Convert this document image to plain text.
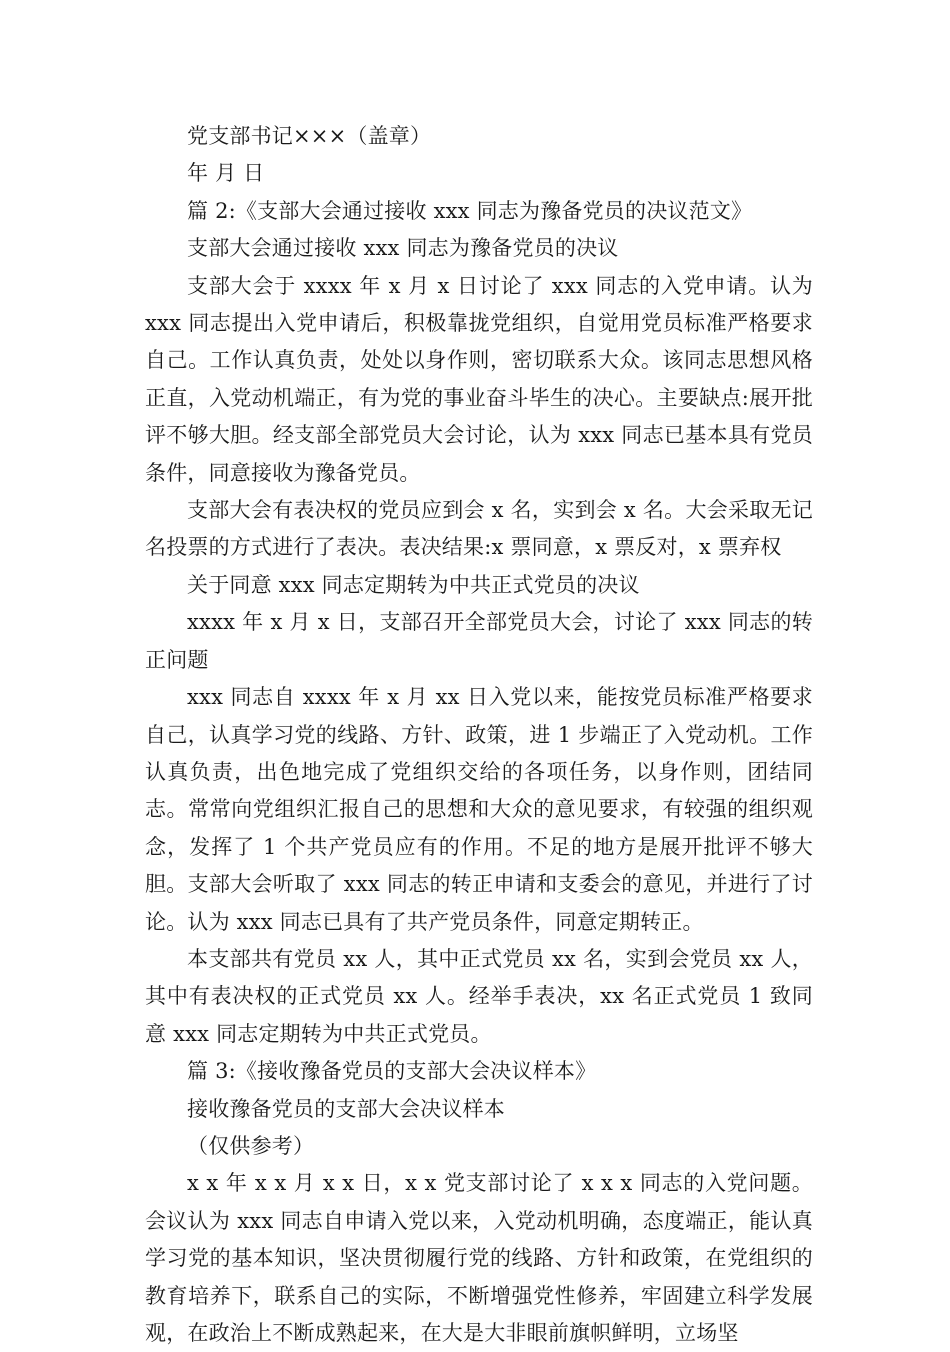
党支部书记×××（盖章）

年 月 日

篇 2:《支部大会通过接收 xxx 同志为豫备党员的决议范文》

支部大会通过接收 xxx 同志为豫备党员的决议

支部大会于 xxxx 年 x 月 x 日讨论了 xxx 同志的入党申请。认为 xxx 同志提出入党申请后，积极靠拢党组织，自觉用党员标准严格要求自己。工作认真负责，处处以身作则，密切联系大众。该同志思想风格正直，入党动机端正，有为党的事业奋斗毕生的决心。主要缺点:展开批评不够大胆。经支部全部党员大会讨论，认为 xxx 同志已基本具有党员条件，同意接收为豫备党员。

支部大会有表决权的党员应到会 x 名，实到会 x 名。大会采取无记名投票的方式进行了表决。表决结果:x 票同意，x 票反对，x 票弃权

关于同意 xxx 同志定期转为中共正式党员的决议

xxxx 年 x 月 x 日，支部召开全部党员大会，讨论了 xxx 同志的转正问题

xxx 同志自 xxxx 年 x 月 xx 日入党以来，能按党员标准严格要求自己，认真学习党的线路、方针、政策，进 1 步端正了入党动机。工作认真负责，出色地完成了党组织交给的各项任务，以身作则，团结同志。常常向党组织汇报自己的思想和大众的意见要求，有较强的组织观念，发挥了 1 个共产党员应有的作用。不足的地方是展开批评不够大胆。支部大会听取了 xxx 同志的转正申请和支委会的意见，并进行了讨论。认为 xxx 同志已具有了共产党员条件，同意定期转正。

本支部共有党员 xx 人，其中正式党员 xx 名，实到会党员 xx 人，其中有表决权的正式党员 xx 人。经举手表决，xx 名正式党员 1 致同意 xxx 同志定期转为中共正式党员。

篇 3:《接收豫备党员的支部大会决议样本》

接收豫备党员的支部大会决议样本

（仅供参考）

x x 年 x x 月 x x 日，x x 党支部讨论了 x x x 同志的入党问题。会议认为 xxx 同志自申请入党以来，入党动机明确，态度端正，能认真学习党的基本知识，坚决贯彻履行党的线路、方针和政策，在党组织的教育培养下，联系自己的实际，不断增强党性修养，牢固建立科学发展观，在政治上不断成熟起来，在大是大非眼前旗帜鲜明，立场坚
